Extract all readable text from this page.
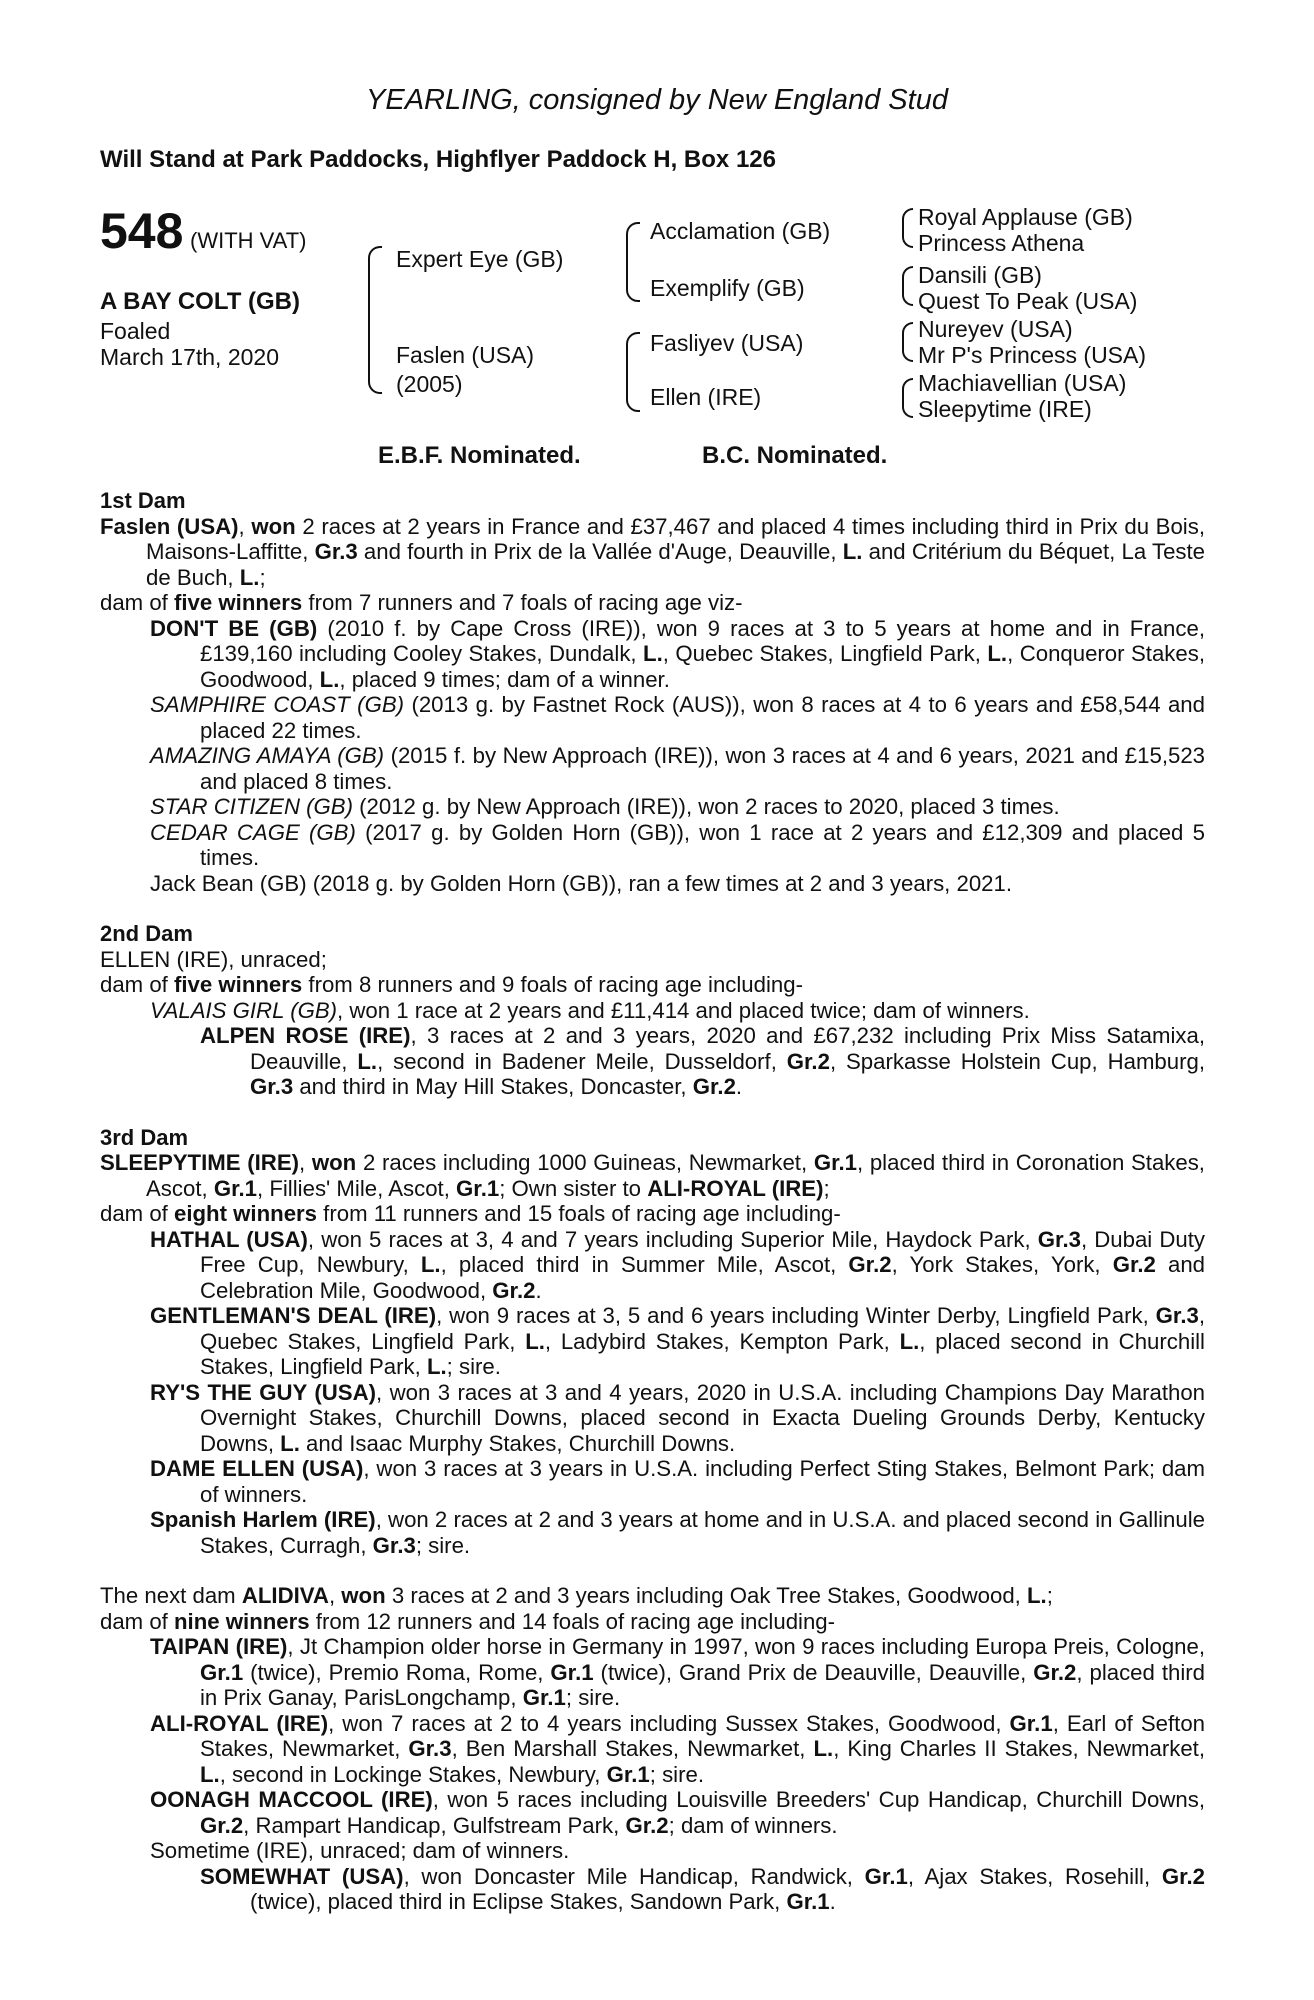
YEARLING, consigned by New England Stud
Will Stand at Park Paddocks, Highflyer Paddock H, Box 126
548 (WITH VAT)
A BAY COLT (GB)
Foaled
March 17th, 2020
Expert Eye (GB)
Faslen (USA)
(2005)
Acclamation (GB)
Exemplify (GB)
Fasliyev (USA)
Ellen (IRE)
Royal Applause (GB)
Princess Athena
Dansili (GB)
Quest To Peak (USA)
Nureyev (USA)
Mr P's Princess (USA)
Machiavellian (USA)
Sleepytime (IRE)
E.B.F. Nominated.	B.C. Nominated.

1st Dam

Faslen (USA), won 2 races at 2 years in France and £37,467 and placed 4 times including third in Prix du Bois, Maisons-Laffitte, Gr.3 and fourth in Prix de la Vallée d'Auge, Deauville, L. and Critérium du Béquet, La Teste de Buch, L.;

dam of five winners from 7 runners and 7 foals of racing age viz-

DON'T BE (GB) (2010 f. by Cape Cross (IRE)), won 9 races at 3 to 5 years at home and in France, £139,160 including Cooley Stakes, Dundalk, L., Quebec Stakes, Lingfield Park, L., Conqueror Stakes, Goodwood, L., placed 9 times; dam of a winner.

SAMPHIRE COAST (GB) (2013 g. by Fastnet Rock (AUS)), won 8 races at 4 to 6 years and £58,544 and placed 22 times.

AMAZING AMAYA (GB) (2015 f. by New Approach (IRE)), won 3 races at 4 and 6 years, 2021 and £15,523 and placed 8 times.

STAR CITIZEN (GB) (2012 g. by New Approach (IRE)), won 2 races to 2020, placed 3 times.

CEDAR CAGE (GB) (2017 g. by Golden Horn (GB)), won 1 race at 2 years and £12,309 and placed 5 times.

Jack Bean (GB) (2018 g. by Golden Horn (GB)), ran a few times at 2 and 3 years, 2021.

2nd Dam

ELLEN (IRE), unraced;

dam of five winners from 8 runners and 9 foals of racing age including-

VALAIS GIRL (GB), won 1 race at 2 years and £11,414 and placed twice; dam of winners.

ALPEN ROSE (IRE), 3 races at 2 and 3 years, 2020 and £67,232 including Prix Miss Satamixa, Deauville, L., second in Badener Meile, Dusseldorf, Gr.2, Sparkasse Holstein Cup, Hamburg, Gr.3 and third in May Hill Stakes, Doncaster, Gr.2.

3rd Dam

SLEEPYTIME (IRE), won 2 races including 1000 Guineas, Newmarket, Gr.1, placed third in Coronation Stakes, Ascot, Gr.1, Fillies' Mile, Ascot, Gr.1; Own sister to ALI-ROYAL (IRE);

dam of eight winners from 11 runners and 15 foals of racing age including-

HATHAL (USA), won 5 races at 3, 4 and 7 years including Superior Mile, Haydock Park, Gr.3, Dubai Duty Free Cup, Newbury, L., placed third in Summer Mile, Ascot, Gr.2, York Stakes, York, Gr.2 and Celebration Mile, Goodwood, Gr.2.

GENTLEMAN'S DEAL (IRE), won 9 races at 3, 5 and 6 years including Winter Derby, Lingfield Park, Gr.3, Quebec Stakes, Lingfield Park, L., Ladybird Stakes, Kempton Park, L., placed second in Churchill Stakes, Lingfield Park, L.; sire.

RY'S THE GUY (USA), won 3 races at 3 and 4 years, 2020 in U.S.A. including Champions Day Marathon Overnight Stakes, Churchill Downs, placed second in Exacta Dueling Grounds Derby, Kentucky Downs, L. and Isaac Murphy Stakes, Churchill Downs.

DAME ELLEN (USA), won 3 races at 3 years in U.S.A. including Perfect Sting Stakes, Belmont Park; dam of winners.

Spanish Harlem (IRE), won 2 races at 2 and 3 years at home and in U.S.A. and placed second in Gallinule Stakes, Curragh, Gr.3; sire.

The next dam ALIDIVA, won 3 races at 2 and 3 years including Oak Tree Stakes, Goodwood, L.;

dam of nine winners from 12 runners and 14 foals of racing age including-

TAIPAN (IRE), Jt Champion older horse in Germany in 1997, won 9 races including Europa Preis, Cologne, Gr.1 (twice), Premio Roma, Rome, Gr.1 (twice), Grand Prix de Deauville, Deauville, Gr.2, placed third in Prix Ganay, ParisLongchamp, Gr.1; sire.

ALI-ROYAL (IRE), won 7 races at 2 to 4 years including Sussex Stakes, Goodwood, Gr.1, Earl of Sefton Stakes, Newmarket, Gr.3, Ben Marshall Stakes, Newmarket, L., King Charles II Stakes, Newmarket, L., second in Lockinge Stakes, Newbury, Gr.1; sire.

OONAGH MACCOOL (IRE), won 5 races including Louisville Breeders' Cup Handicap, Churchill Downs, Gr.2, Rampart Handicap, Gulfstream Park, Gr.2; dam of winners.

Sometime (IRE), unraced; dam of winners.

SOMEWHAT (USA), won Doncaster Mile Handicap, Randwick, Gr.1, Ajax Stakes, Rosehill, Gr.2 (twice), placed third in Eclipse Stakes, Sandown Park, Gr.1.
